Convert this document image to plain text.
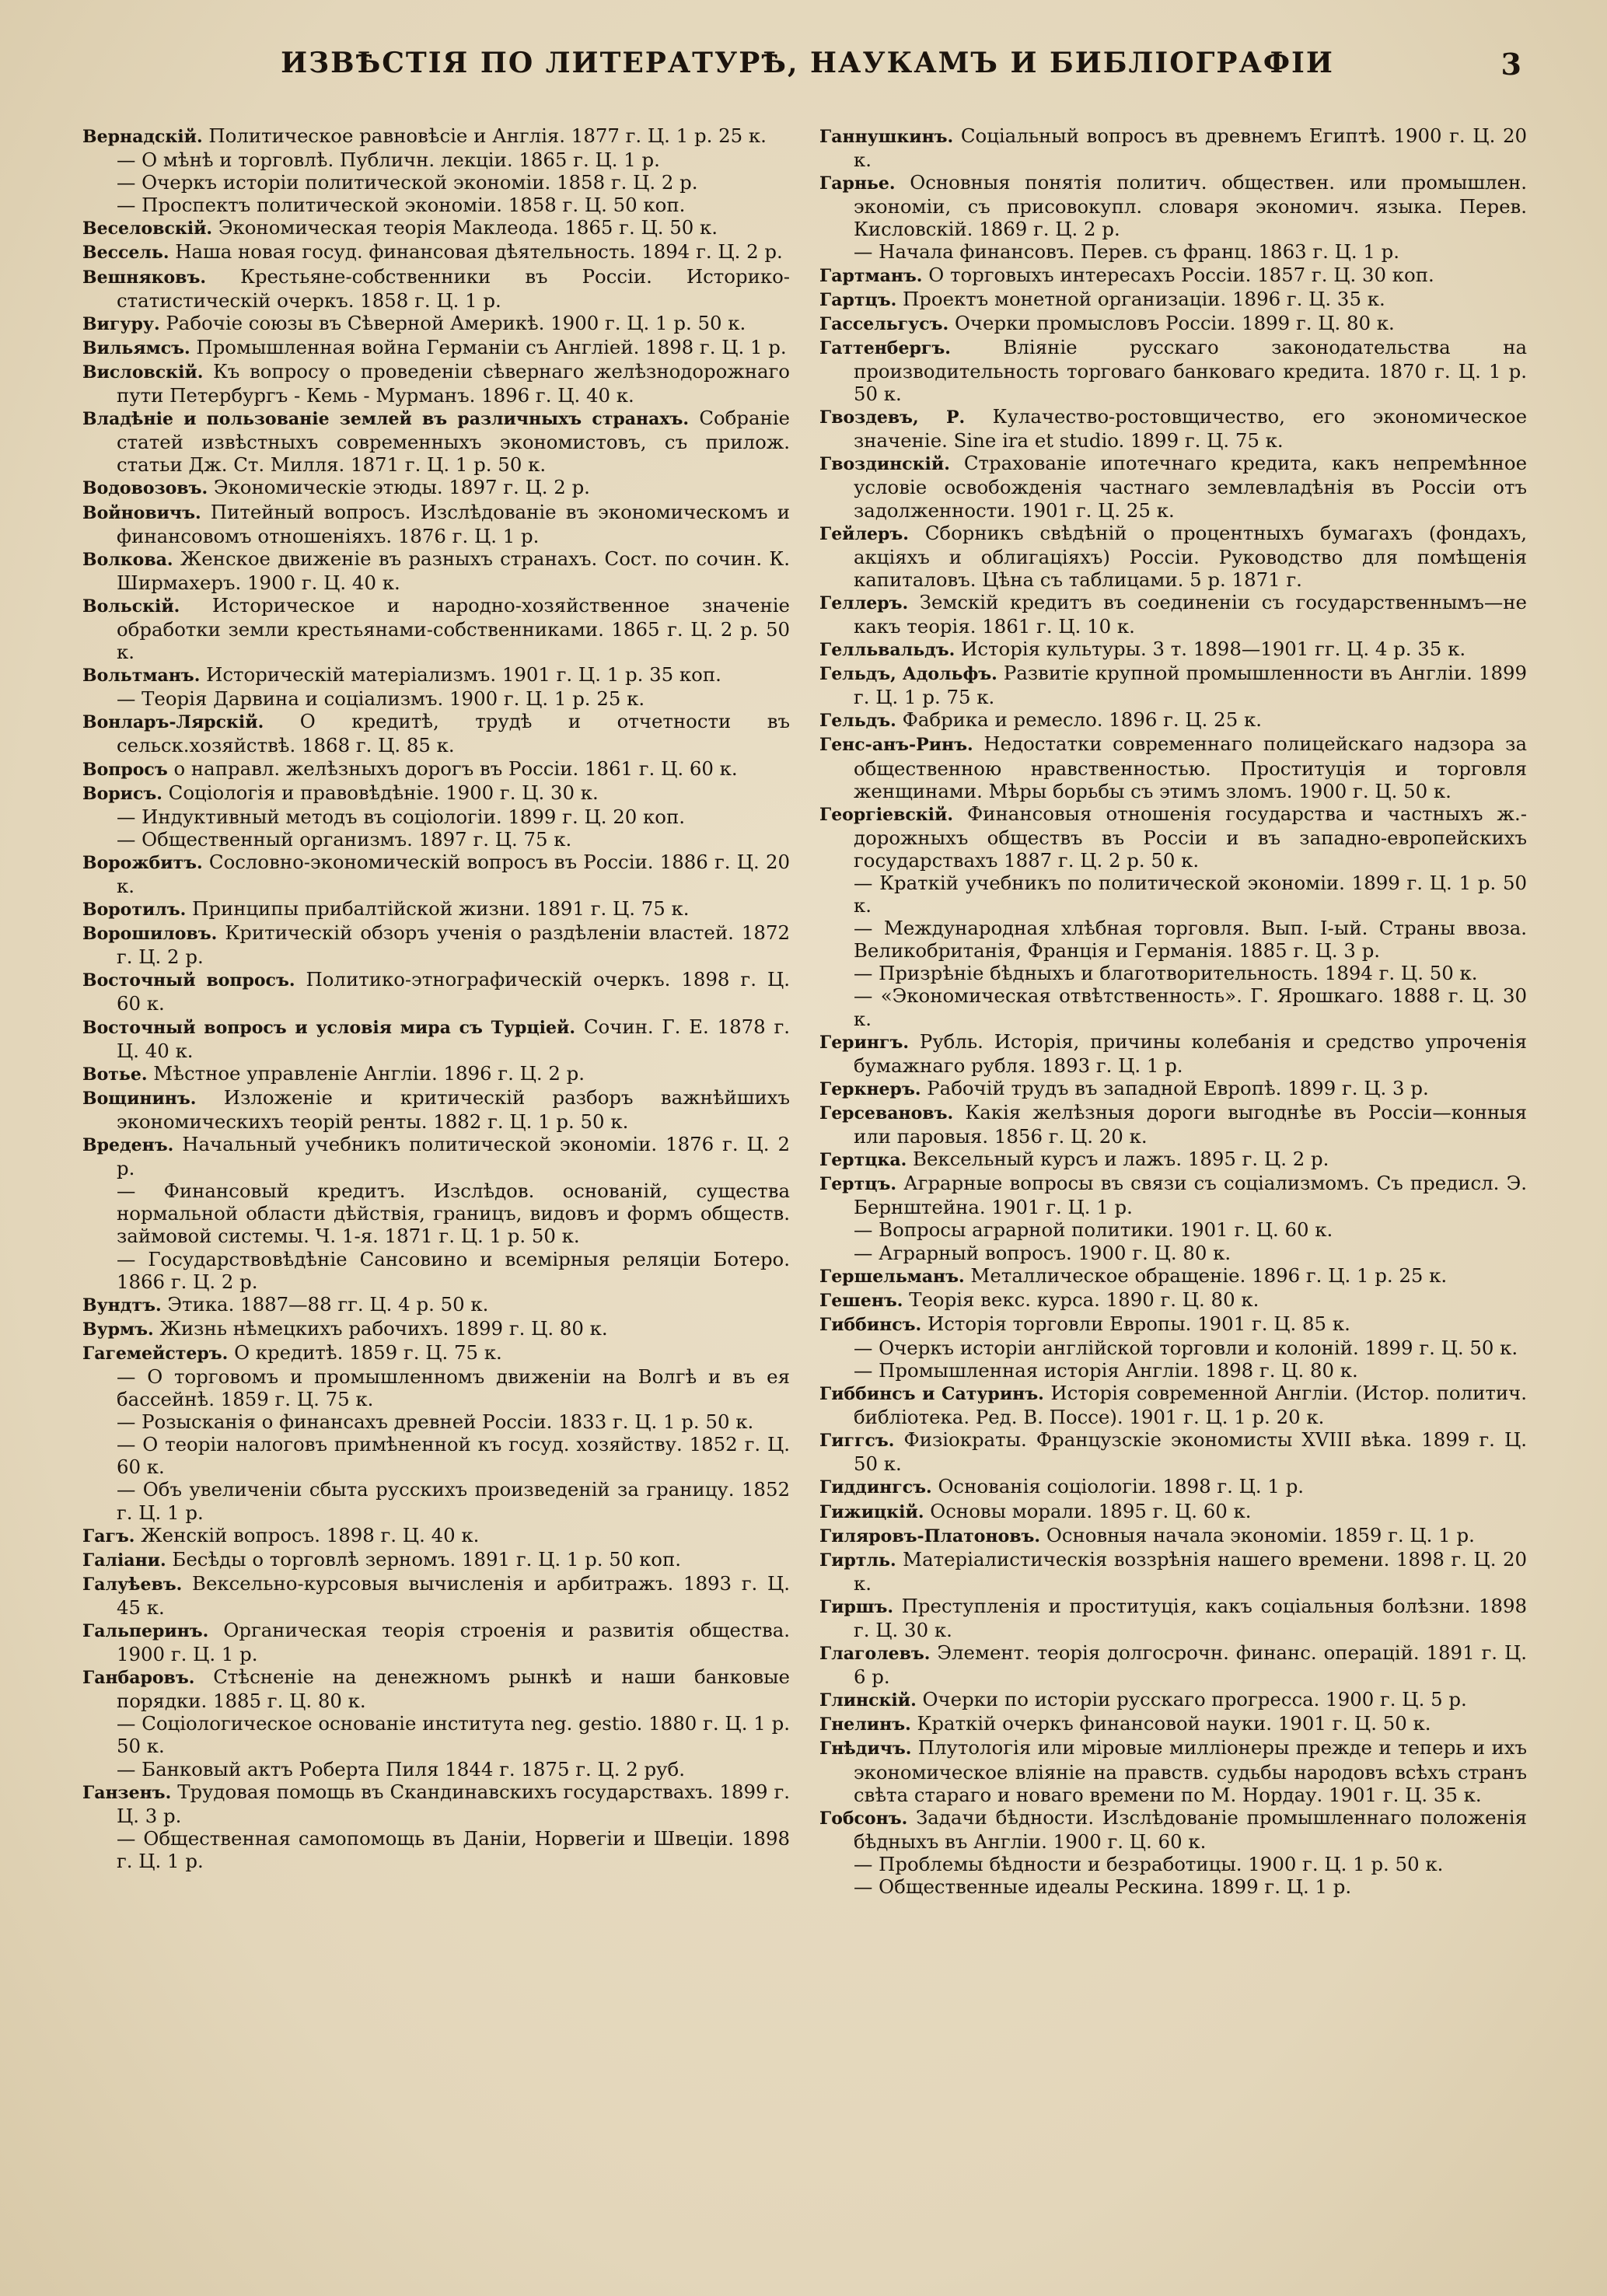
ИЗВѢСТІЯ ПО ЛИТЕРАТУРѢ, НАУКАМЪ И БИБЛІОГРАФІИ	3

Вернадскій. Политическое равновѣсіе и Англія. 1877 г. Ц. 1 р. 25 к.

— О мѣнѣ и торговлѣ. Публичн. лекціи. 1865 г. Ц. 1 р.

— Очеркъ исторіи политической экономіи. 1858 г. Ц. 2 р.

— Проспектъ политической экономіи. 1858 г. Ц. 50 коп.

Веселовскій. Экономическая теорія Маклеода. 1865 г. Ц. 50 к.

Вессель. Наша новая госуд. финансовая дѣятельность. 1894 г. Ц. 2 р.

Вешняковъ. Крестьяне-собственники въ Россіи. Историко-статистическій очеркъ. 1858 г. Ц. 1 р.

Вигуру. Рабочіе союзы въ Сѣверной Америкѣ. 1900 г. Ц. 1 р. 50 к.

Вильямсъ. Промышленная война Германіи съ Англіей. 1898 г. Ц. 1 р.

Висловскій. Къ вопросу о проведеніи сѣвернаго желѣзнодорожнаго пути Петербургъ - Кемь - Мурманъ. 1896 г. Ц. 40 к.

Владѣніе и пользованіе землей въ различныхъ странахъ. Собраніе статей извѣстныхъ современныхъ экономистовъ, съ прилож. статьи Дж. Ст. Милля. 1871 г. Ц. 1 р. 50 к.

Водовозовъ. Экономическіе этюды. 1897 г. Ц. 2 р.

Войновичъ. Питейный вопросъ. Изслѣдованіе въ экономическомъ и финансовомъ отношеніяхъ. 1876 г. Ц. 1 р.

Волкова. Женское движеніе въ разныхъ странахъ. Сост. по сочин. К. Ширмахеръ. 1900 г. Ц. 40 к.

Вольскій. Историческое и народно-хозяйственное значеніе обработки земли крестьянами-собственниками. 1865 г. Ц. 2 р. 50 к.

Вольтманъ. Историческій матеріализмъ. 1901 г. Ц. 1 р. 35 коп.

— Теорія Дарвина и соціализмъ. 1900 г. Ц. 1 р. 25 к.

Вонларъ-Лярскій. О кредитѣ, трудѣ и отчетности въ сельск.хозяйствѣ. 1868 г. Ц. 85 к.

Вопросъ о направл. желѣзныхъ дорогъ въ Россіи. 1861 г. Ц. 60 к.

Ворисъ. Соціологія и правовѣдѣніе. 1900 г. Ц. 30 к.

— Индуктивный методъ въ соціологіи. 1899 г. Ц. 20 коп.

— Общественный организмъ. 1897 г. Ц. 75 к.

Ворожбитъ. Сословно-экономическій вопросъ въ Россіи. 1886 г. Ц. 20 к.

Воротилъ. Принципы прибалтійской жизни. 1891 г. Ц. 75 к.

Ворошиловъ. Критическій обзоръ ученія о раздѣленіи властей. 1872 г. Ц. 2 р.

Восточный вопросъ. Политико-этнографическій очеркъ. 1898 г. Ц. 60 к.

Восточный вопросъ и условія мира съ Турціей. Сочин. Г. Е. 1878 г. Ц. 40 к.

Вотье. Мѣстное управленіе Англіи. 1896 г. Ц. 2 р.

Вощининъ. Изложеніе и критическій разборъ важнѣйшихъ экономическихъ теорій ренты. 1882 г. Ц. 1 р. 50 к.

Вреденъ. Начальный учебникъ политической экономіи. 1876 г. Ц. 2 р.

— Финансовый кредитъ. Изслѣдов. основаній, существа нормальной области дѣйствія, границъ, видовъ и формъ обществ. займовой системы. Ч. 1-я. 1871 г. Ц. 1 р. 50 к.

— Государствовѣдѣніе Сансовино и всемірныя реляціи Ботеро. 1866 г. Ц. 2 р.

Вундтъ. Этика. 1887—88 гг. Ц. 4 р. 50 к.

Вурмъ. Жизнь нѣмецкихъ рабочихъ. 1899 г. Ц. 80 к.

Гагемейстеръ. О кредитѣ. 1859 г. Ц. 75 к.

— О торговомъ и промышленномъ движеніи на Волгѣ и въ ея бассейнѣ. 1859 г. Ц. 75 к.

— Розысканія о финансахъ древней Россіи. 1833 г. Ц. 1 р. 50 к.

— О теоріи налоговъ примѣненной къ госуд. хозяйству. 1852 г. Ц. 60 к.

— Объ увеличеніи сбыта русскихъ произведеній за границу. 1852 г. Ц. 1 р.

Гагъ. Женскій вопросъ. 1898 г. Ц. 40 к.

Галіани. Бесѣды о торговлѣ зерномъ. 1891 г. Ц. 1 р. 50 коп.

Галуѣевъ. Вексельно-курсовыя вычисленія и арбитражъ. 1893 г. Ц. 45 к.

Гальперинъ. Органическая теорія строенія и развитія общества. 1900 г. Ц. 1 р.

Ганбаровъ. Стѣсненіе на денежномъ рынкѣ и наши банковые порядки. 1885 г. Ц. 80 к.

— Соціологическое основаніе института neg. gestio. 1880 г. Ц. 1 р. 50 к.

— Банковый актъ Роберта Пиля 1844 г. 1875 г. Ц. 2 руб.

Ганзенъ. Трудовая помощь въ Скандинавскихъ государствахъ. 1899 г. Ц. 3 р.

— Общественная самопомощь въ Даніи, Норвегіи и Швеціи. 1898 г. Ц. 1 р.

Ганнушкинъ. Соціальный вопросъ въ древнемъ Египтѣ. 1900 г. Ц. 20 к.

Гарнье. Основныя понятія политич. обществен. или промышлен. экономіи, съ присовокупл. словаря экономич. языка. Перев. Кисловскій. 1869 г. Ц. 2 р.

— Начала финансовъ. Перев. съ франц. 1863 г. Ц. 1 р.

Гартманъ. О торговыхъ интересахъ Россіи. 1857 г. Ц. 30 коп.

Гартцъ. Проектъ монетной организаціи. 1896 г. Ц. 35 к.

Гассельгусъ. Очерки промысловъ Россіи. 1899 г. Ц. 80 к.

Гаттенбергъ.	Вліяніе русскаго законодательства на производительность торговаго банковаго кредита. 1870 г. Ц. 1 р. 50 к.

Гвоздевъ, Р. Кулачество-ростовщичество, его экономическое значеніе. Sine ira et studio. 1899 г. Ц. 75 к.

Гвоздинскій. Страхованіе ипотечнаго кредита, какъ непремѣнное условіе освобожденія частнаго землевладѣнія въ Россіи отъ задолженности. 1901 г. Ц. 25 к.

Гейлеръ. Сборникъ свѣдѣній о процентныхъ бумагахъ (фондахъ, акціяхъ и облигаціяхъ) Россіи. Руководство для помѣщенія капиталовъ. Цѣна съ таблицами. 5 р. 1871 г.

Геллеръ. Земскій кредитъ въ соединеніи съ государственнымъ—не какъ теорія. 1861 г. Ц. 10 к.

Гелльвальдъ. Исторія культуры. 3 т. 1898—1901 гг. Ц. 4 р. 35 к.

Гельдъ, Адольфъ. Развитіе крупной промышленности въ Англіи. 1899 г. Ц. 1 р. 75 к.

Гельдъ. Фабрика и ремесло. 1896 г. Ц. 25 к.

Генс-анъ-Ринъ. Недостатки современнаго полицейскаго надзора за общественною нравственностью. Проституція и торговля женщинами. Мѣры борьбы съ этимъ зломъ. 1900 г. Ц. 50 к.

Георгіевскій. Финансовыя отношенія государства и частныхъ ж.-дорожныхъ обществъ въ Россіи и въ западно-европейскихъ государствахъ 1887 г. Ц. 2 р. 50 к.

— Краткій учебникъ по политической экономіи. 1899 г. Ц. 1 р. 50 к.

— Международная хлѣбная торговля. Вып. I-ый. Страны ввоза. Великобританія, Франція и Германія. 1885 г. Ц. 3 р.

— Призрѣніе бѣдныхъ и благотворительность. 1894 г. Ц. 50 к.

— «Экономическая отвѣтственность». Г. Ярошкаго. 1888 г. Ц. 30 к.

Герингъ. Рубль. Исторія, причины колебанія и средство упроченія бумажнаго рубля. 1893 г. Ц. 1 р.

Геркнеръ. Рабочій трудъ въ западной Европѣ. 1899 г. Ц. 3 р.

Герсевановъ. Какія желѣзныя дороги выгоднѣе въ Россіи—конныя или паровыя. 1856 г. Ц. 20 к.

Гертцка. Вексельный курсъ и лажъ. 1895 г. Ц. 2 р.

Гертцъ. Аграрные вопросы въ связи съ соціализмомъ. Съ предисл. Э. Бернштейна. 1901 г. Ц. 1 р.

— Вопросы аграрной политики. 1901 г. Ц. 60 к.

— Аграрный вопросъ. 1900 г. Ц. 80 к.

Гершельманъ. Металлическое обращеніе. 1896 г. Ц. 1 р. 25 к.

Гешенъ. Теорія векс. курса. 1890 г. Ц. 80 к.

Гиббинсъ. Исторія торговли Европы. 1901 г. Ц. 85 к.

— Очеркъ исторіи англійской торговли и колоній. 1899 г. Ц. 50 к.

— Промышленная исторія Англіи. 1898 г. Ц. 80 к.

Гиббинсъ и Сатуринъ. Исторія современной Англіи. (Истор. политич. библіотека. Ред. В. Поссе). 1901 г. Ц. 1 р. 20 к.

Гиггсъ. Физіократы. Французскіе экономисты XVIII вѣка. 1899 г. Ц. 50 к.

Гиддингсъ. Основанія соціологіи. 1898 г. Ц. 1 р.

Гижицкій. Основы морали. 1895 г. Ц. 60 к.

Гиляровъ-Платоновъ. Основныя начала экономіи. 1859 г. Ц. 1 р.

Гиртль. Матеріалистическія воззрѣнія нашего времени. 1898 г. Ц. 20 к.

Гиршъ. Преступленія и проституція, какъ соціальныя болѣзни. 1898 г. Ц. 30 к.

Глаголевъ. Элемент. теорія долгосрочн. финанс. операцій. 1891 г. Ц. 6 р.

Глинскій. Очерки по исторіи русскаго прогресса. 1900 г. Ц. 5 р.

Гнелинъ. Краткій очеркъ финансовой науки. 1901 г. Ц. 50 к.

Гнѣдичъ. Плутологія или міровые милліонеры прежде и теперь и ихъ экономическое вліяніе на правств. судьбы народовъ всѣхъ странъ свѣта стараго и новаго времени по М. Нордау. 1901 г. Ц. 35 к.

Гобсонъ. Задачи бѣдности. Изслѣдованіе промышленнаго положенія бѣдныхъ въ Англіи. 1900 г. Ц. 60 к.

— Проблемы бѣдности и безработицы. 1900 г. Ц. 1 р. 50 к.

— Общественные идеалы Рескина. 1899 г. Ц. 1 р.
